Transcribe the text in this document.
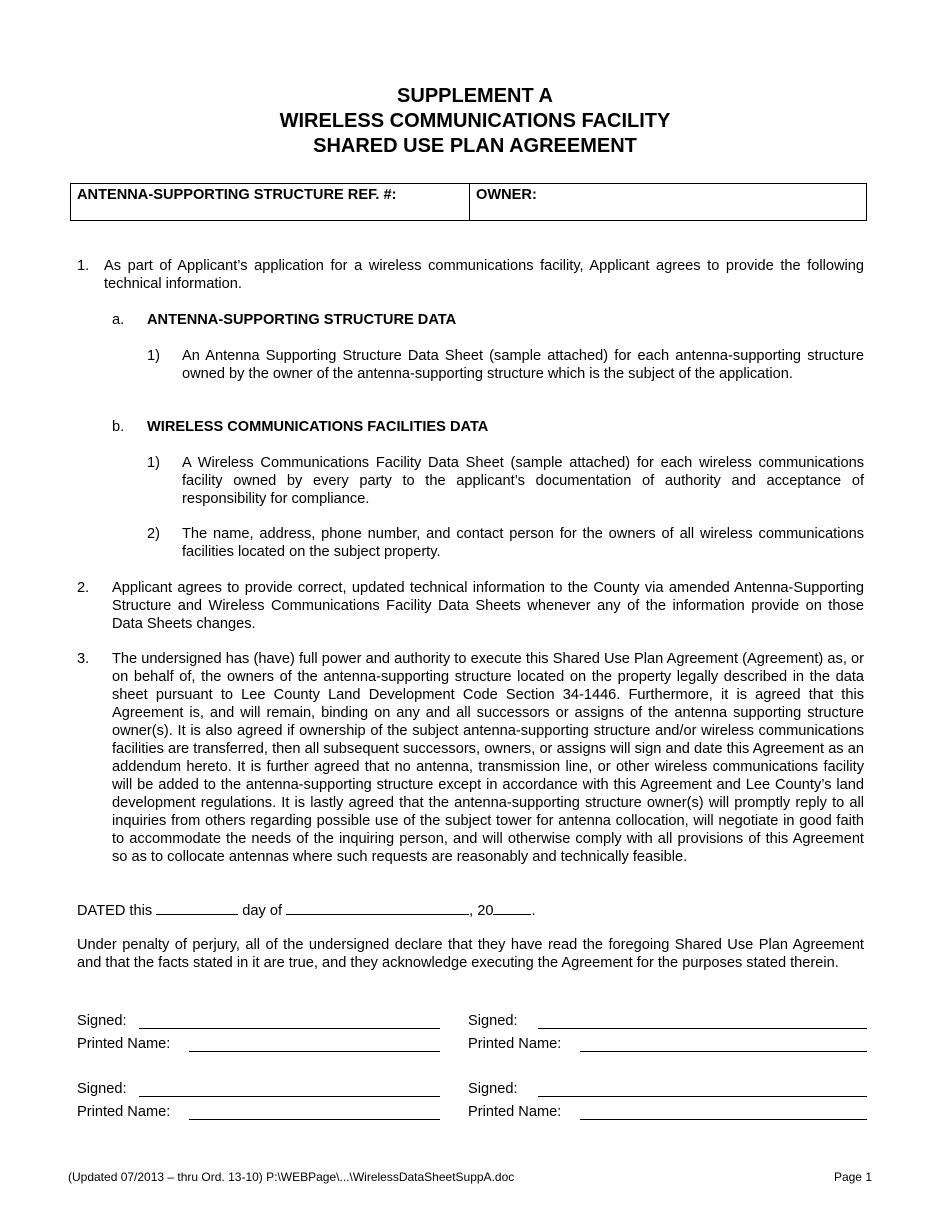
SUPPLEMENT A
WIRELESS COMMUNICATIONS FACILITY
SHARED USE PLAN AGREEMENT
ANTENNA-SUPPORTING STRUCTURE REF. #:	OWNER:
1. As part of Applicant’s application for a wireless communications facility, Applicant agrees to provide the following technical information.

a. ANTENNA-SUPPORTING STRUCTURE DATA
1) An Antenna Supporting Structure Data Sheet (sample attached) for each antenna-supporting structure owned by the owner of the antenna-supporting structure which is the subject of the application.

b. WIRELESS COMMUNICATIONS FACILITIES DATA
1) A Wireless Communications Facility Data Sheet (sample attached) for each wireless communications facility owned by every party to the applicant’s documentation of authority and acceptance of responsibility for compliance.

2) The name, address, phone number, and contact person for the owners of all wireless communications facilities located on the subject property.

2. Applicant agrees to provide correct, updated technical information to the County via amended Antenna-Supporting Structure and Wireless Communications Facility Data Sheets whenever any of the information provide on those Data Sheets changes.

3. The undersigned has (have) full power and authority to execute this Shared Use Plan Agreement (Agreement) as, or on behalf of, the owners of the antenna-supporting structure located on the property legally described in the data sheet pursuant to Lee County Land Development Code Section 34-1446. Furthermore, it is agreed that this Agreement is, and will remain, binding on any and all successors or assigns of the antenna supporting structure owner(s). It is also agreed if ownership of the subject antenna-supporting structure and/or wireless communications facilities are transferred, then all subsequent successors, owners, or assigns will sign and date this Agreement as an addendum hereto. It is further agreed that no antenna, transmission line, or other wireless communications facility will be added to the antenna-supporting structure except in accordance with this Agreement and Lee County’s land development regulations. It is lastly agreed that the antenna-supporting structure owner(s) will promptly reply to all inquiries from others regarding possible use of the subject tower for antenna collocation, will negotiate in good faith to accommodate the needs of the inquiring person, and will otherwise comply with all provisions of this Agreement so as to collocate antennas where such requests are reasonably and technically feasible.

DATED this	day of	, 20	.

Under penalty of perjury, all of the undersigned declare that they have read the foregoing Shared Use Plan Agreement and that the facts stated in it are true, and they acknowledge executing the Agreement for the purposes stated therein.

Signed:
Printed Name:
Signed:
Printed Name:
Signed:
Printed Name:
Signed:
Printed Name:
(Updated 07/2013 – thru Ord. 13-10) P:\WEBPage\...\WirelessDataSheetSuppA.doc	Page 1
